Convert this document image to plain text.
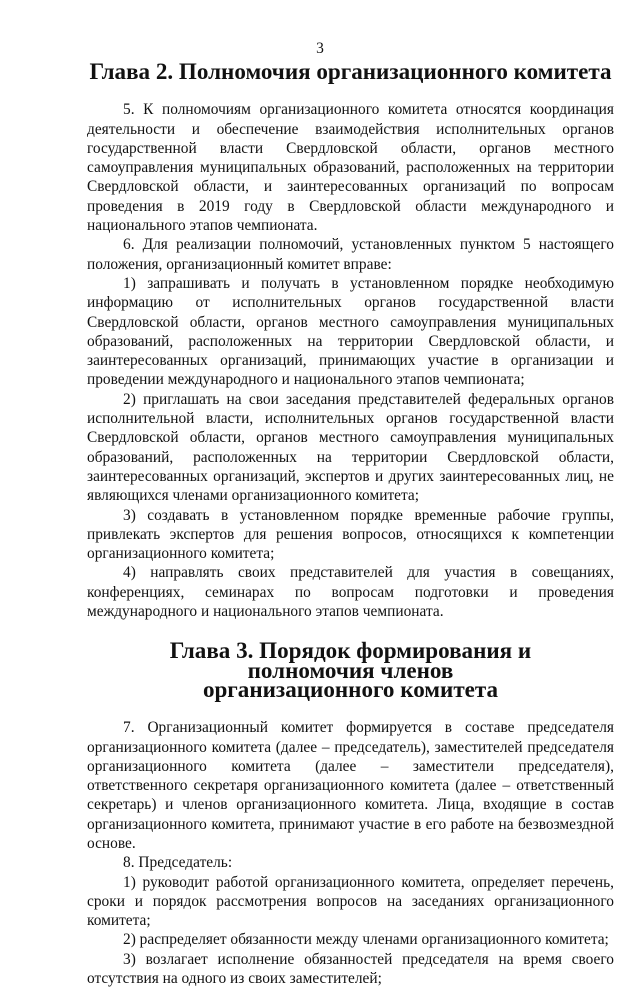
3
Глава 2. Полномочия организационного комитета

5. К полномочиям организационного комитета относятся координация деятельности и обеспечение взаимодействия исполнительных органов государственной власти Свердловской области, органов местного самоуправления муниципальных образований, расположенных на территории Свердловской области, и заинтересованных организаций по вопросам проведения в 2019 году в Свердловской области международного и национального этапов чемпионата.

6. Для реализации полномочий, установленных пунктом 5 настоящего положения, организационный комитет вправе:

1) запрашивать и получать в установленном порядке необходимую информацию от исполнительных органов государственной власти Свердловской области, органов местного самоуправления муниципальных образований, расположенных на территории Свердловской области, и заинтересованных организаций, принимающих участие в организации и проведении международного и национального этапов чемпионата;

2) приглашать на свои заседания представителей федеральных органов исполнительной власти, исполнительных органов государственной власти Свердловской области, органов местного самоуправления муниципальных образований, расположенных на территории Свердловской области, заинтересованных организаций, экспертов и других заинтересованных лиц, не являющихся членами организационного комитета;

3) создавать в установленном порядке временные рабочие группы, привлекать экспертов для решения вопросов, относящихся к компетенции организационного комитета;

4) направлять своих представителей для участия в совещаниях, конференциях, семинарах по вопросам подготовки и проведения международного и национального этапов чемпионата.

Глава 3. Порядок формирования и полномочия членов организационного комитета

7. Организационный комитет формируется в составе председателя организационного комитета (далее – председатель), заместителей председателя организационного комитета (далее – заместители председателя), ответственного секретаря организационного комитета (далее – ответственный секретарь) и членов организационного комитета. Лица, входящие в состав организационного комитета, принимают участие в его работе на безвозмездной основе.

8. Председатель:

1) руководит работой организационного комитета, определяет перечень, сроки и порядок рассмотрения вопросов на заседаниях организационного комитета;

2) распределяет обязанности между членами организационного комитета;

3) возлагает исполнение обязанностей председателя на время своего отсутствия на одного из своих заместителей;
